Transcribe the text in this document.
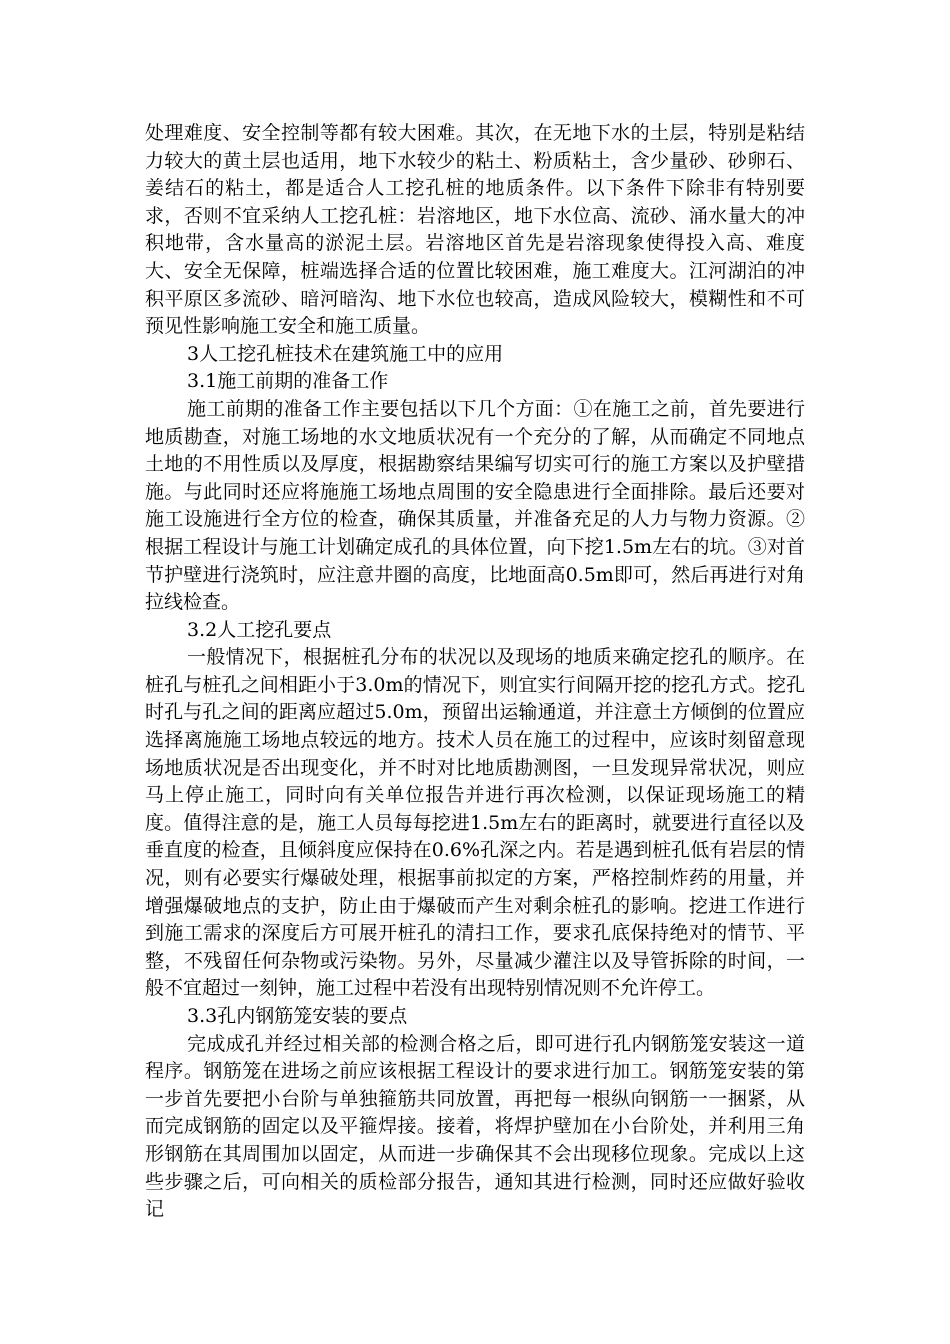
处理难度、安全控制等都有较大困难。其次，在无地下水的土层，特别是粘结力较大的黄土层也适用，地下水较少的粘土、粉质粘土，含少量砂、砂卵石、姜结石的粘土，都是适合人工挖孔桩的地质条件。以下条件下除非有特别要求，否则不宜采纳人工挖孔桩：岩溶地区，地下水位高、流砂、涌水量大的冲积地带，含水量高的淤泥土层。岩溶地区首先是岩溶现象使得投入高、难度大、安全无保障，桩端选择合适的位置比较困难，施工难度大。江河湖泊的冲积平原区多流砂、暗河暗沟、地下水位也较高，造成风险较大，模糊性和不可预见性影响施工安全和施工质量。

3人工挖孔桩技术在建筑施工中的应用

3.1施工前期的准备工作

施工前期的准备工作主要包括以下几个方面：①在施工之前，首先要进行地质勘查，对施工场地的水文地质状况有一个充分的了解，从而确定不同地点土地的不用性质以及厚度，根据勘察结果编写切实可行的施工方案以及护壁措施。与此同时还应将施施工场地点周围的安全隐患进行全面排除。最后还要对施工设施进行全方位的检查，确保其质量，并准备充足的人力与物力资源。②根据工程设计与施工计划确定成孔的具体位置，向下挖1.5m左右的坑。③对首节护壁进行浇筑时，应注意井圈的高度，比地面高0.5m即可，然后再进行对角拉线检查。

3.2人工挖孔要点

一般情况下，根据桩孔分布的状况以及现场的地质来确定挖孔的顺序。在桩孔与桩孔之间相距小于3.0m的情况下，则宜实行间隔开挖的挖孔方式。挖孔时孔与孔之间的距离应超过5.0m，预留出运输通道，并注意土方倾倒的位置应选择离施施工场地点较远的地方。技术人员在施工的过程中，应该时刻留意现场地质状况是否出现变化，并不时对比地质勘测图，一旦发现异常状况，则应马上停止施工，同时向有关单位报告并进行再次检测，以保证现场施工的精度。值得注意的是，施工人员每每挖进1.5m左右的距离时，就要进行直径以及垂直度的检查，且倾斜度应保持在0.6%孔深之内。若是遇到桩孔低有岩层的情况，则有必要实行爆破处理，根据事前拟定的方案，严格控制炸药的用量，并增强爆破地点的支护，防止由于爆破而产生对剩余桩孔的影响。挖进工作进行到施工需求的深度后方可展开桩孔的清扫工作，要求孔底保持绝对的情节、平整，不残留任何杂物或污染物。另外，尽量减少灌注以及导管拆除的时间，一般不宜超过一刻钟，施工过程中若没有出现特别情况则不允许停工。

3.3孔内钢筋笼安装的要点

完成成孔并经过相关部的检测合格之后，即可进行孔内钢筋笼安装这一道程序。钢筋笼在进场之前应该根据工程设计的要求进行加工。钢筋笼安装的第一步首先要把小台阶与单独箍筋共同放置，再把每一根纵向钢筋一一捆紧，从而完成钢筋的固定以及平箍焊接。接着，将焊护壁加在小台阶处，并利用三角形钢筋在其周围加以固定，从而进一步确保其不会出现移位现象。完成以上这些步骤之后，可向相关的质检部分报告，通知其进行检测，同时还应做好验收记
